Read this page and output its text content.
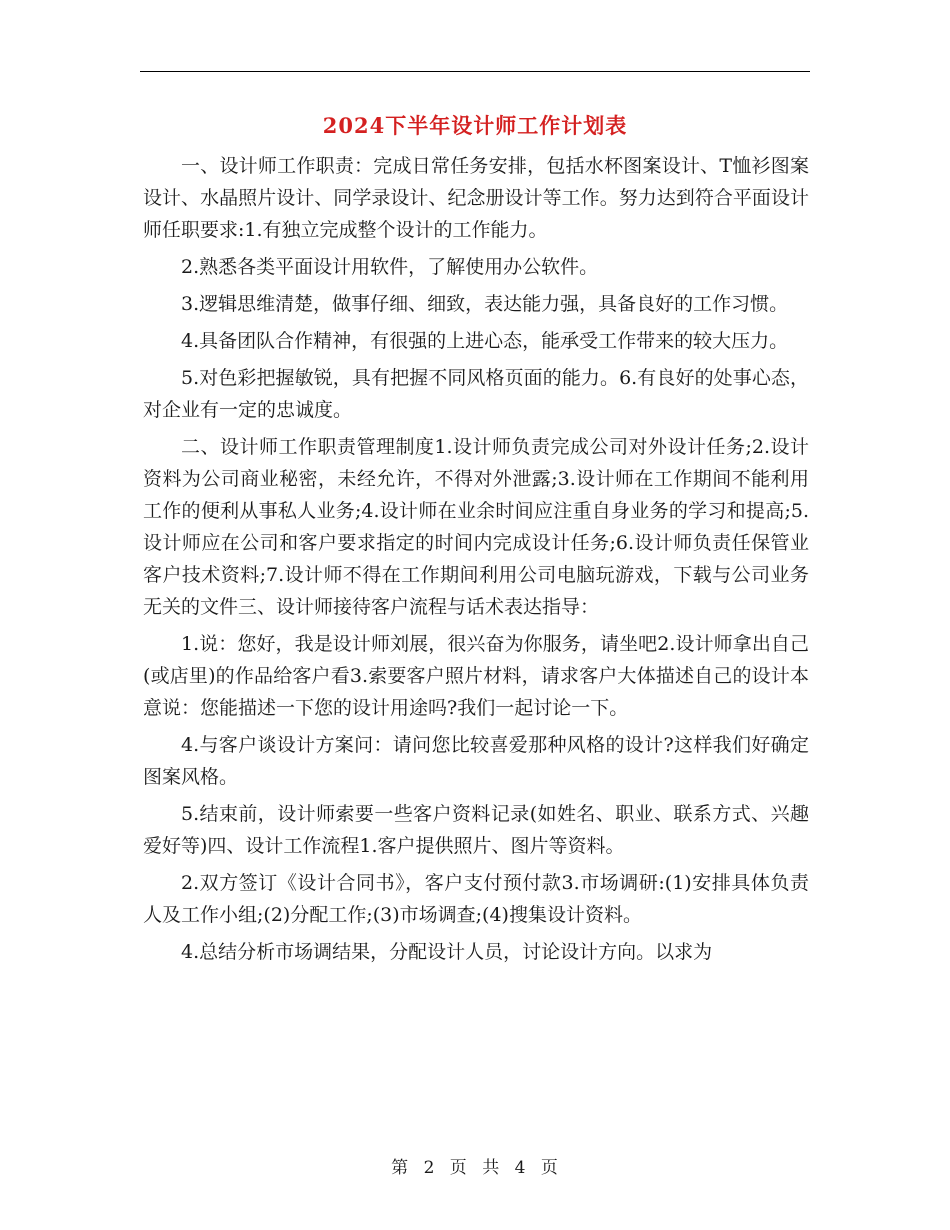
2024下半年设计师工作计划表

一、设计师工作职责：完成日常任务安排，包括水杯图案设计、T恤衫图案设计、水晶照片设计、同学录设计、纪念册设计等工作。努力达到符合平面设计师任职要求:1.有独立完成整个设计的工作能力。

2.熟悉各类平面设计用软件，了解使用办公软件。

3.逻辑思维清楚，做事仔细、细致，表达能力强，具备良好的工作习惯。

4.具备团队合作精神，有很强的上进心态，能承受工作带来的较大压力。

5.对色彩把握敏锐，具有把握不同风格页面的能力。6.有良好的处事心态，对企业有一定的忠诚度。

二、设计师工作职责管理制度1.设计师负责完成公司对外设计任务;2.设计资料为公司商业秘密，未经允许，不得对外泄露;3.设计师在工作期间不能利用工作的便利从事私人业务;4.设计师在业余时间应注重自身业务的学习和提高;5.设计师应在公司和客户要求指定的时间内完成设计任务;6.设计师负责任保管业客户技术资料;7.设计师不得在工作期间利用公司电脑玩游戏，下载与公司业务无关的文件三、设计师接待客户流程与话术表达指导：

1.说：您好，我是设计师刘展，很兴奋为你服务，请坐吧2.设计师拿出自己(或店里)的作品给客户看3.索要客户照片材料，请求客户大体描述自己的设计本意说：您能描述一下您的设计用途吗?我们一起讨论一下。

4.与客户谈设计方案问：请问您比较喜爱那种风格的设计?这样我们好确定图案风格。

5.结束前，设计师索要一些客户资料记录(如姓名、职业、联系方式、兴趣爱好等)四、设计工作流程1.客户提供照片、图片等资料。

2.双方签订《设计合同书》，客户支付预付款3.市场调研:(1)安排具体负责人及工作小组;(2)分配工作;(3)市场调查;(4)搜集设计资料。

4.总结分析市场调结果，分配设计人员，讨论设计方向。以求为

第 2 页 共 4 页
